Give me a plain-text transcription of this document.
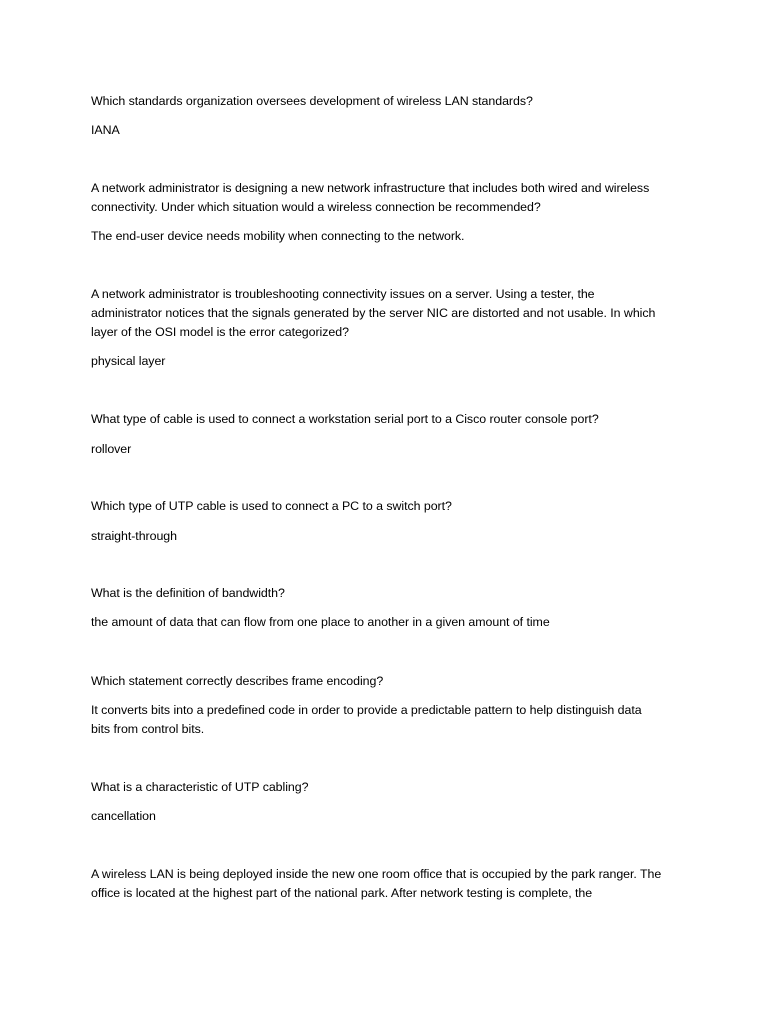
Which standards organization oversees development of wireless LAN standards?
IANA
A network administrator is designing a new network infrastructure that includes both wired and wireless
connectivity. Under which situation would a wireless connection be recommended?
The end-user device needs mobility when connecting to the network.
A network administrator is troubleshooting connectivity issues on a server. Using a tester, the
administrator notices that the signals generated by the server NIC are distorted and not usable. In which
layer of the OSI model is the error categorized?
physical layer
What type of cable is used to connect a workstation serial port to a Cisco router console port?
rollover
Which type of UTP cable is used to connect a PC to a switch port?
straight-through
What is the definition of bandwidth?
the amount of data that can flow from one place to another in a given amount of time
Which statement correctly describes frame encoding?
It converts bits into a predefined code in order to provide a predictable pattern to help distinguish data
bits from control bits.
What is a characteristic of UTP cabling?
cancellation
A wireless LAN is being deployed inside the new one room office that is occupied by the park ranger. The
office is located at the highest part of the national park. After network testing is complete, the
